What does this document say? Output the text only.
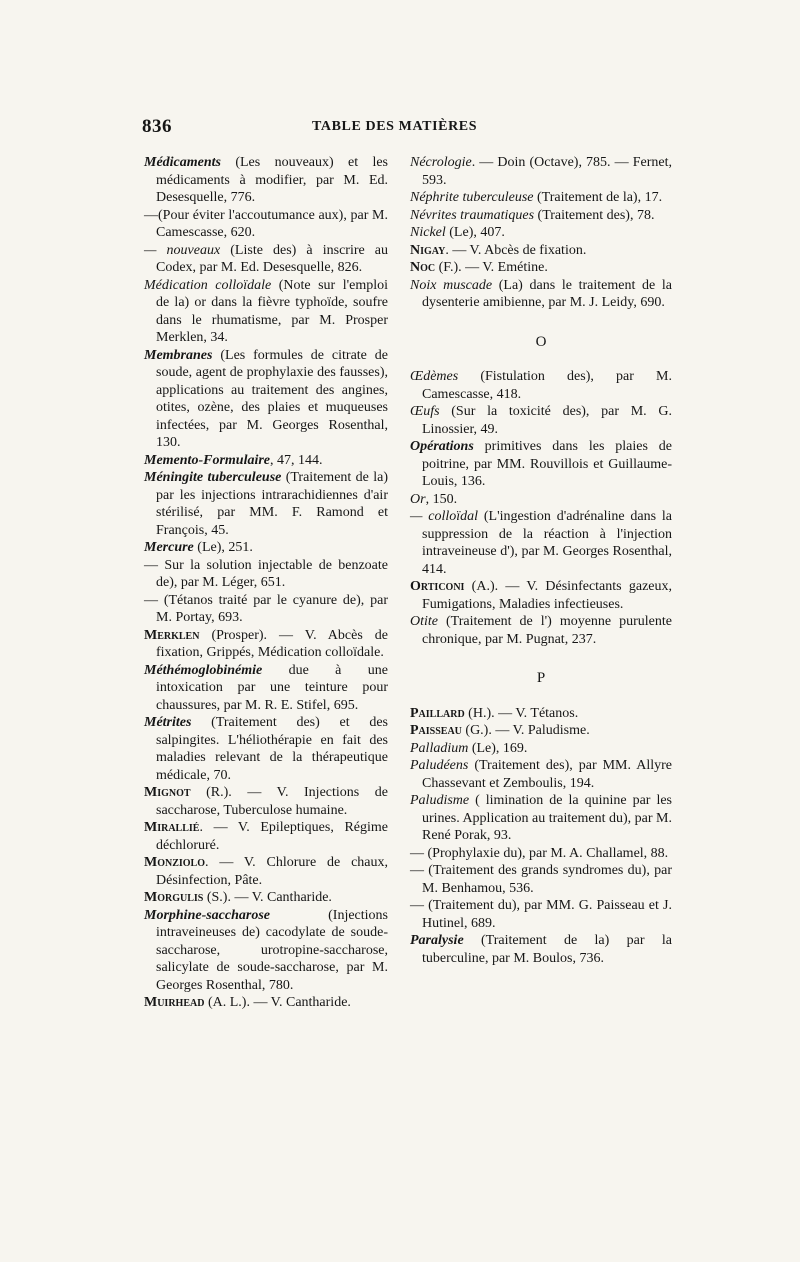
836	TABLE DES MATIÈRES

Médicaments (Les nouveaux) et les médicaments à modifier, par M. Ed. Desesquelle, 776.

—(Pour éviter l'accoutumance aux), par M. Camescasse, 620.

— nouveaux (Liste des) à inscrire au Codex, par M. Ed. Desesquelle, 826.

Médication colloïdale (Note sur l'emploi de la) or dans la fièvre typhoïde, soufre dans le rhumatisme, par M. Prosper Merklen, 34.

Membranes (Les formules de citrate de soude, agent de prophylaxie des fausses), applications au traitement des angines, otites, ozène, des plaies et muqueuses infectées, par M. Georges Rosenthal, 130.

Memento-Formulaire, 47, 144.

Méningite tuberculeuse (Traitement de la) par les injections intrarachidiennes d'air stérilisé, par MM. F. Ramond et François, 45.

Mercure (Le), 251.

— Sur la solution injectable de benzoate de), par M. Léger, 651.

— (Tétanos traité par le cyanure de), par M. Portay, 693.

Merklen (Prosper). — V. Abcès de fixation, Grippés, Médication colloïdale.

Méthémoglobinémie due à une intoxication par une teinture pour chaussures, par M. R. E. Stifel, 695.

Métrites (Traitement des) et des salpingites. L'héliothérapie en fait des maladies relevant de la thérapeutique médicale, 70.

Mignot (R.). — V. Injections de saccharose, Tuberculose humaine.

Mirallié. — V. Epileptiques, Régime déchloruré.

Monziolo. — V. Chlorure de chaux, Désinfection, Pâte.

Morgulis (S.). — V. Cantharide.

Morphine-saccharose (Injections intraveineuses de) cacodylate de soude-saccharose, urotropine-saccharose, salicylate de soude-saccharose, par M. Georges Rosenthal, 780.

Muirhead (A. L.). — V. Cantharide.

Nécrologie. — Doin (Octave), 785. — Fernet, 593.

Néphrite tuberculeuse (Traitement de la), 17.

Névrites traumatiques (Traitement des), 78.

Nickel (Le), 407.

Nigay. — V. Abcès de fixation.

Noc (F.). — V. Emétine.

Noix muscade (La) dans le traitement de la dysenterie amibienne, par M. J. Leidy, 690.

O

Œdèmes (Fistulation des), par M. Camescasse, 418.

Œufs (Sur la toxicité des), par M. G. Linossier, 49.

Opérations primitives dans les plaies de poitrine, par MM. Rouvillois et Guillaume-Louis, 136.

Or, 150.

— colloïdal (L'ingestion d'adrénaline dans la suppression de la réaction à l'injection intraveineuse d'), par M. Georges Rosenthal, 414.

Orticoni (A.). — V. Désinfectants gazeux, Fumigations, Maladies infectieuses.

Otite (Traitement de l') moyenne purulente chronique, par M. Pugnat, 237.

P

Paillard (H.). — V. Tétanos.

Paisseau (G.). — V. Paludisme.

Palladium (Le), 169.

Paludéens (Traitement des), par MM. Allyre Chassevant et Zemboulis, 194.

Paludisme ( limination de la quinine par les urines. Application au traitement du), par M. René Porak, 93.

— (Prophylaxie du), par M. A. Challamel, 88.

— (Traitement des grands syndromes du), par M. Benhamou, 536.

— (Traitement du), par MM. G. Paisseau et J. Hutinel, 689.

Paralysie (Traitement de la) par la tuberculine, par M. Boulos, 736.
